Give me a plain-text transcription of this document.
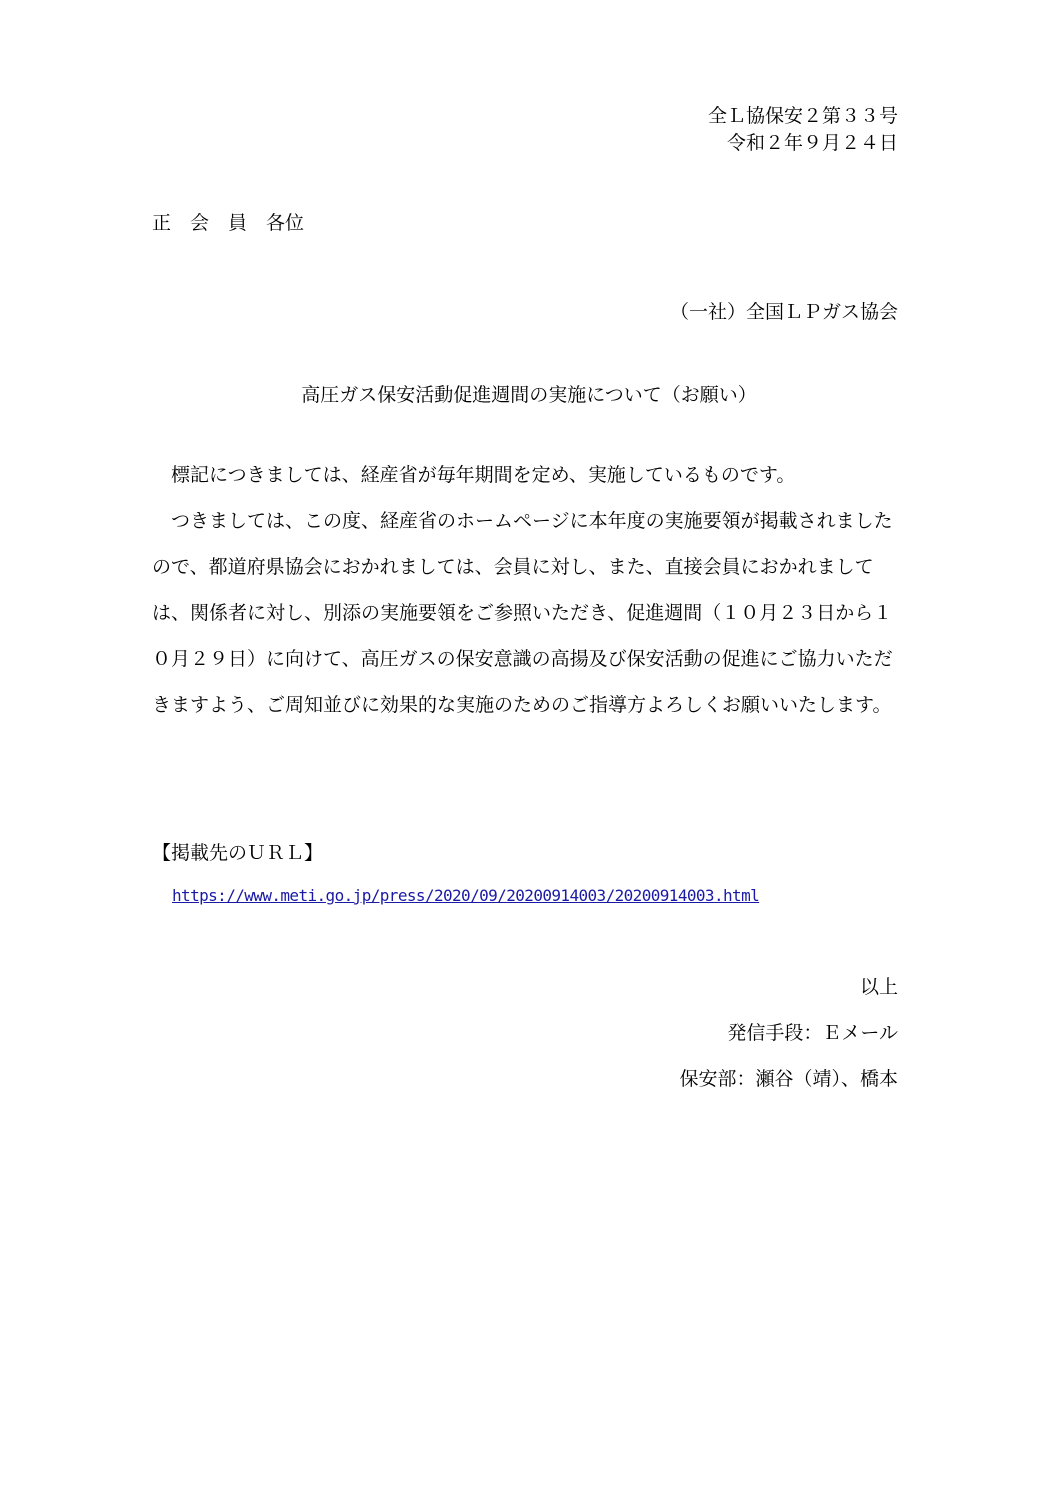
全Ｌ協保安２第３３号
令和２年９月２４日
正　会　員　各位
（一社）全国ＬＰガス協会
高圧ガス保安活動促進週間の実施について（お願い）

標記につきましては、経産省が毎年期間を定め、実施しているものです。

つきましては、この度、経産省のホームページに本年度の実施要領が掲載されましたので、都道府県協会におかれましては、会員に対し、また、直接会員におかれましては、関係者に対し、別添の実施要領をご参照いただき、促進週間（１０月２３日から１０月２９日）に向けて、高圧ガスの保安意識の高揚及び保安活動の促進にご協力いただきますよう、ご周知並びに効果的な実施のためのご指導方よろしくお願いいたします。

【掲載先のＵＲＬ】
https://www.meti.go.jp/press/2020/09/20200914003/20200914003.html
以上
発信手段：Ｅメール
保安部：瀬谷（靖）、橋本
